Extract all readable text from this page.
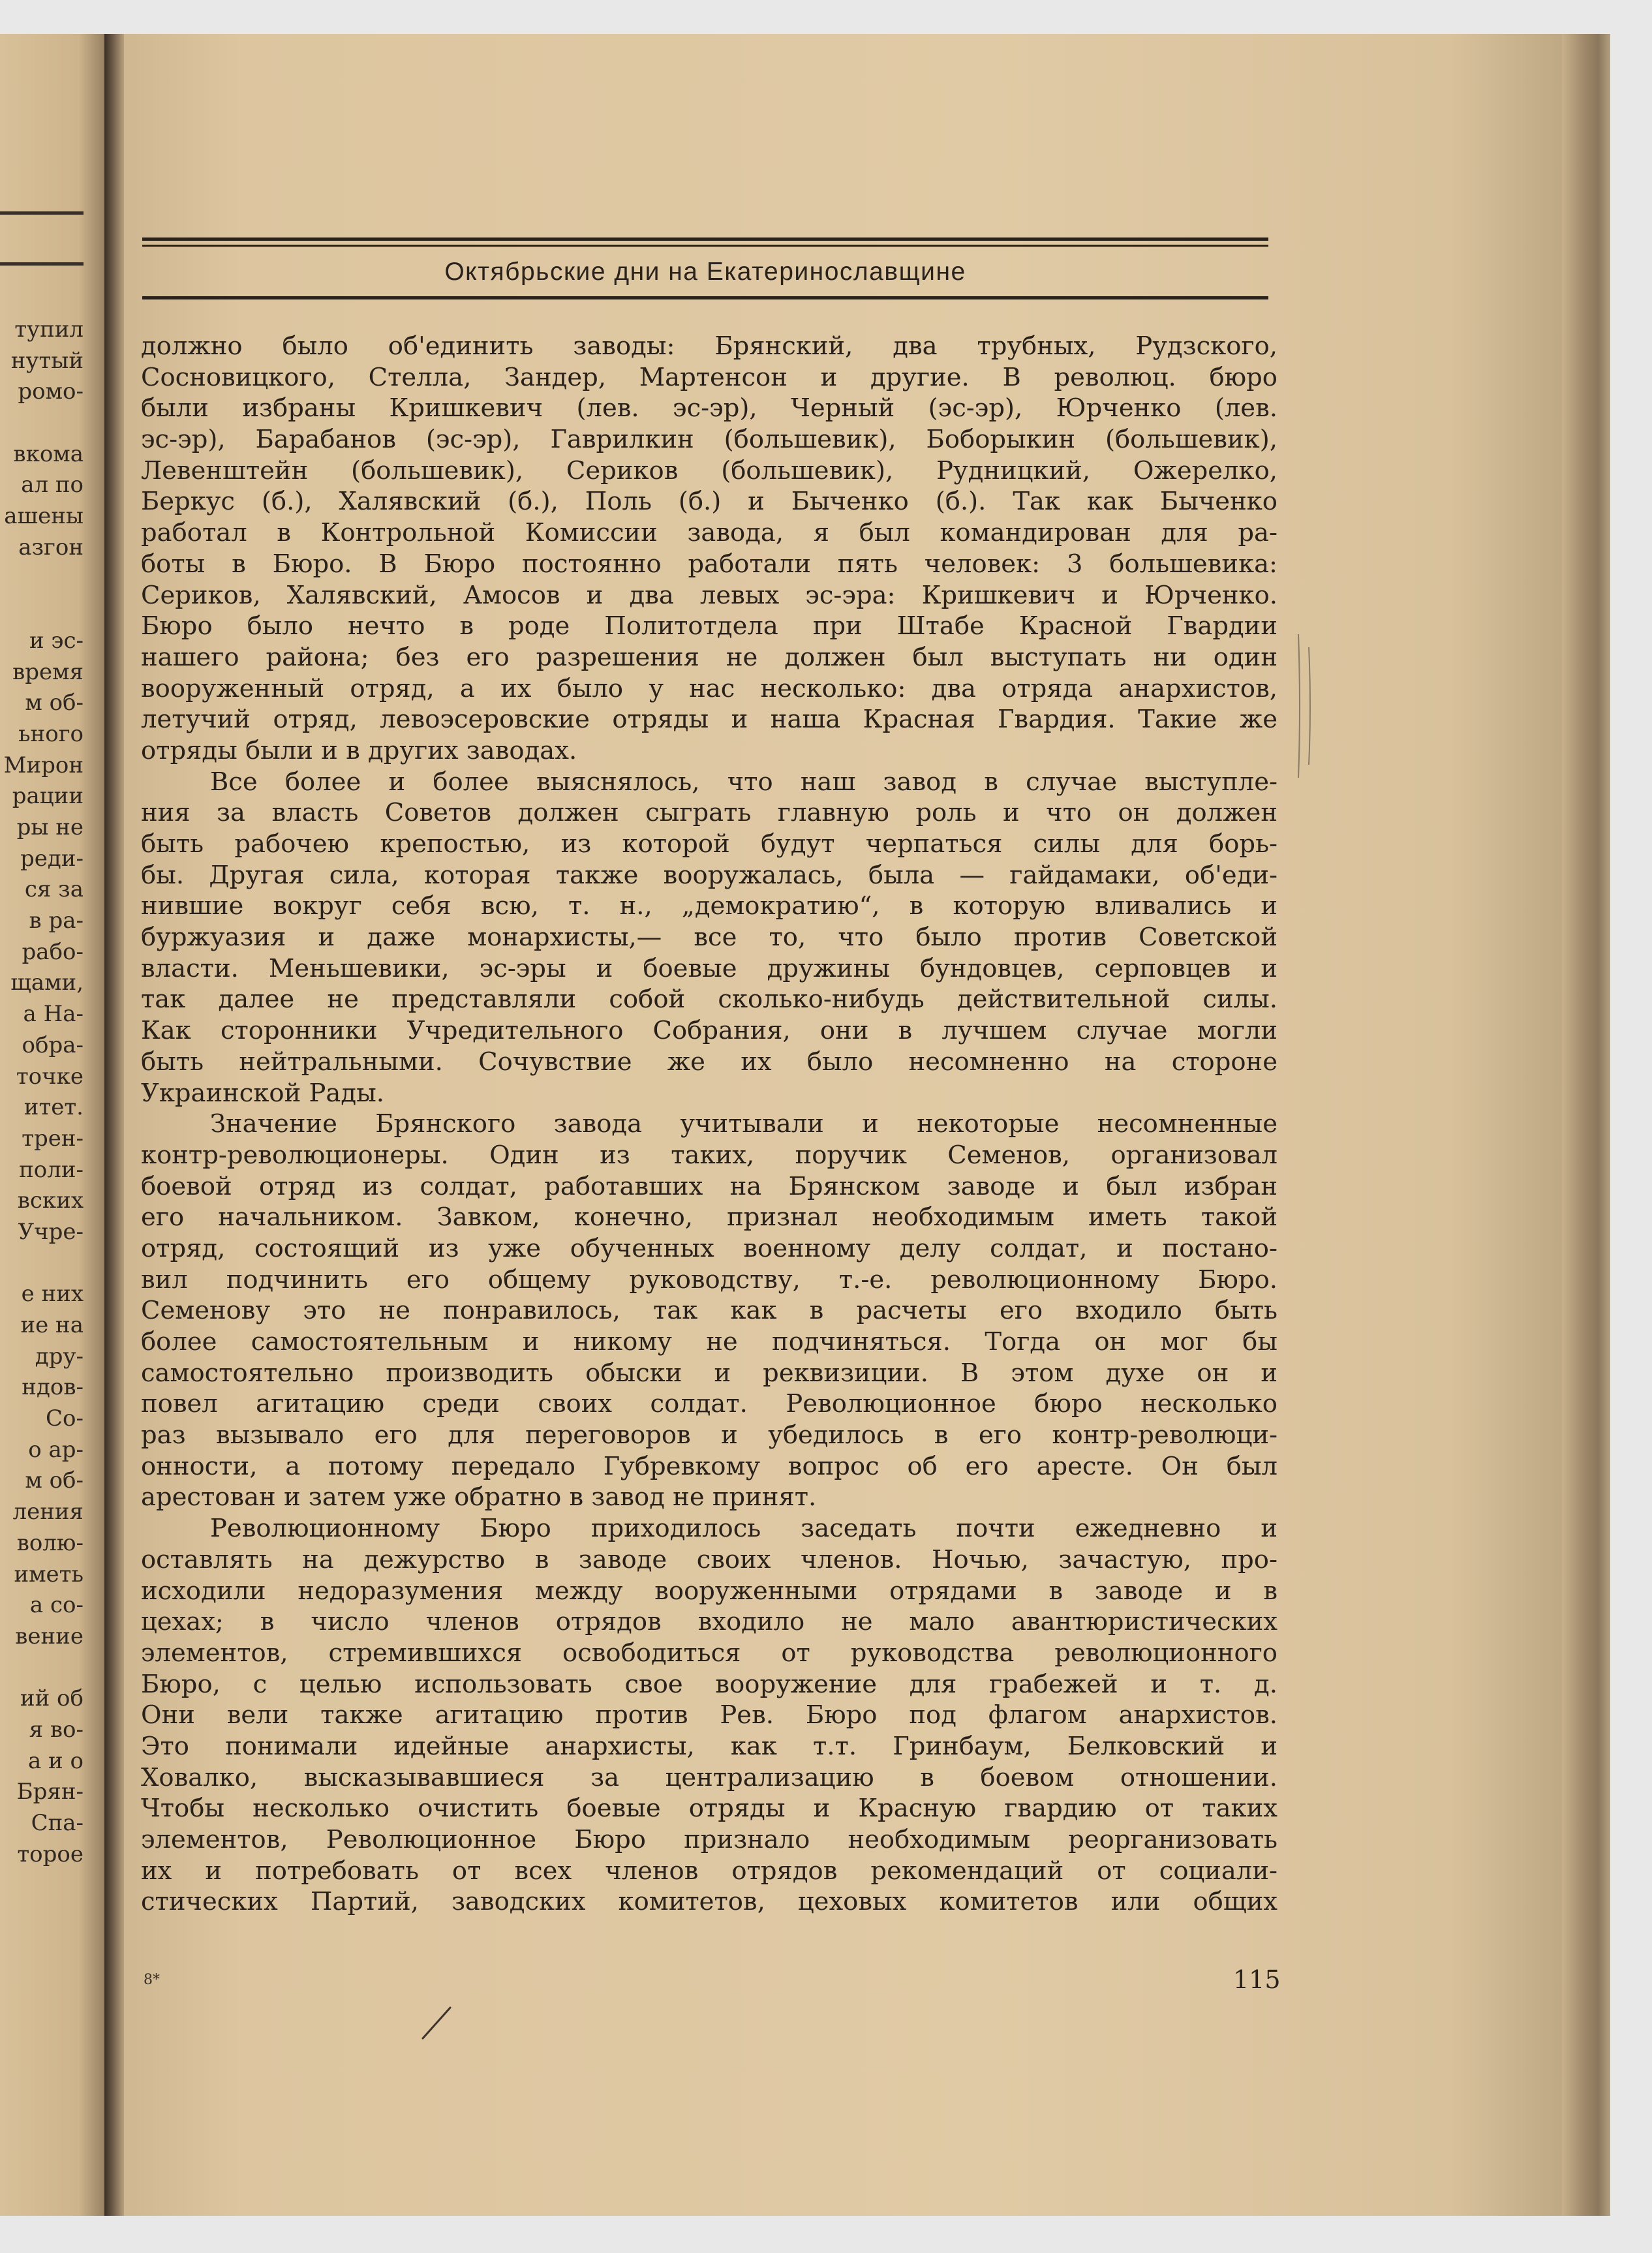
тупил
нутый
ромо-
вкома
ал по
ашены
азгон
и эс-
время
м об-
ьного
Мирон
рации
ры не
реди-
ся за
в ра-
рабо-
щами,
а На-
обра-
точке
итет.
трен-
поли-
вских
Учре-
е них
ие на
дру-
ндов-
Со-
о ар-
м об-
ления
волю-
иметь
а со-
вение
ий об
я во-
а и о
Брян-
Спа-
торое
Октябрьские дни на Екатеринославщине
должно было об'единить заводы: Брянский, два трубных, Рудзского,
Сосновицкого, Стелла, Зандер, Мартенсон и другие. В революц. бюро
были избраны Кришкевич (лев. эс-эр), Черный (эс-эр), Юрченко (лев.
эс-эр), Барабанов (эс-эр), Гаврилкин (большевик), Боборыкин (большевик),
Левенштейн (большевик), Сериков (большевик), Рудницкий, Ожерелко,
Беркус (б.), Халявский (б.), Поль (б.) и Быченко (б.). Так как Быченко
работал в Контрольной Комиссии завода, я был командирован для ра-
боты в Бюро. В Бюро постоянно работали пять человек: 3 большевика:
Сериков, Халявский, Амосов и два левых эс-эра: Кришкевич и Юрченко.
Бюро было нечто в роде Политотдела при Штабе Красной Гвардии
нашего района; без его разрешения не должен был выступать ни один
вооруженный отряд, а их было у нас несколько: два отряда анархистов,
летучий отряд, левоэсеровские отряды и наша Красная Гвардия. Такие же
отряды были и в других заводах.
Все более и более выяснялось, что наш завод в случае выступле-
ния за власть Советов должен сыграть главную роль и что он должен
быть рабочею крепостью, из которой будут черпаться силы для борь-
бы. Другая сила, которая также вооружалась, была — гайдамаки, об'еди-
нившие вокруг себя всю, т. н., „демократию“, в которую вливались и
буржуазия и даже монархисты,— все то, что было против Советской
власти. Меньшевики, эс-эры и боевые дружины бундовцев, серповцев и
так далее не представляли собой сколько-нибудь действительной силы.
Как сторонники Учредительного Собрания, они в лучшем случае могли
быть нейтральными. Сочувствие же их было несомненно на стороне
Украинской Рады.
Значение Брянского завода учитывали и некоторые несомненные
контр-революционеры. Один из таких, поручик Семенов, организовал
боевой отряд из солдат, работавших на Брянском заводе и был избран
его начальником. Завком, конечно, признал необходимым иметь такой
отряд, состоящий из уже обученных военному делу солдат, и постано-
вил подчинить его общему руководству, т.-е. революционному Бюро.
Семенову это не понравилось, так как в расчеты его входило быть
более самостоятельным и никому не подчиняться. Тогда он мог бы
самостоятельно производить обыски и реквизиции. В этом духе он и
повел агитацию среди своих солдат. Революционное бюро несколько
раз вызывало его для переговоров и убедилось в его контр-революци-
онности, а потому передало Губревкому вопрос об его аресте. Он был
арестован и затем уже обратно в завод не принят.
Революционному Бюро приходилось заседать почти ежедневно и
оставлять на дежурство в заводе своих членов. Ночью, зачастую, про-
исходили недоразумения между вооруженными отрядами в заводе и в
цехах; в число членов отрядов входило не мало авантюристических
элементов, стремившихся освободиться от руководства революционного
Бюро, с целью использовать свое вооружение для грабежей и т. д.
Они вели также агитацию против Рев. Бюро под флагом анархистов.
Это понимали идейные анархисты, как т.т. Гринбаум, Белковский и
Ховалко, высказывавшиеся за централизацию в боевом отношении.
Чтобы несколько очистить боевые отряды и Красную гвардию от таких
элементов, Революционное Бюро признало необходимым реорганизовать
их и потребовать от всех членов отрядов рекомендаций от социали-
стических Партий, заводских комитетов, цеховых комитетов или общих
8*	115
